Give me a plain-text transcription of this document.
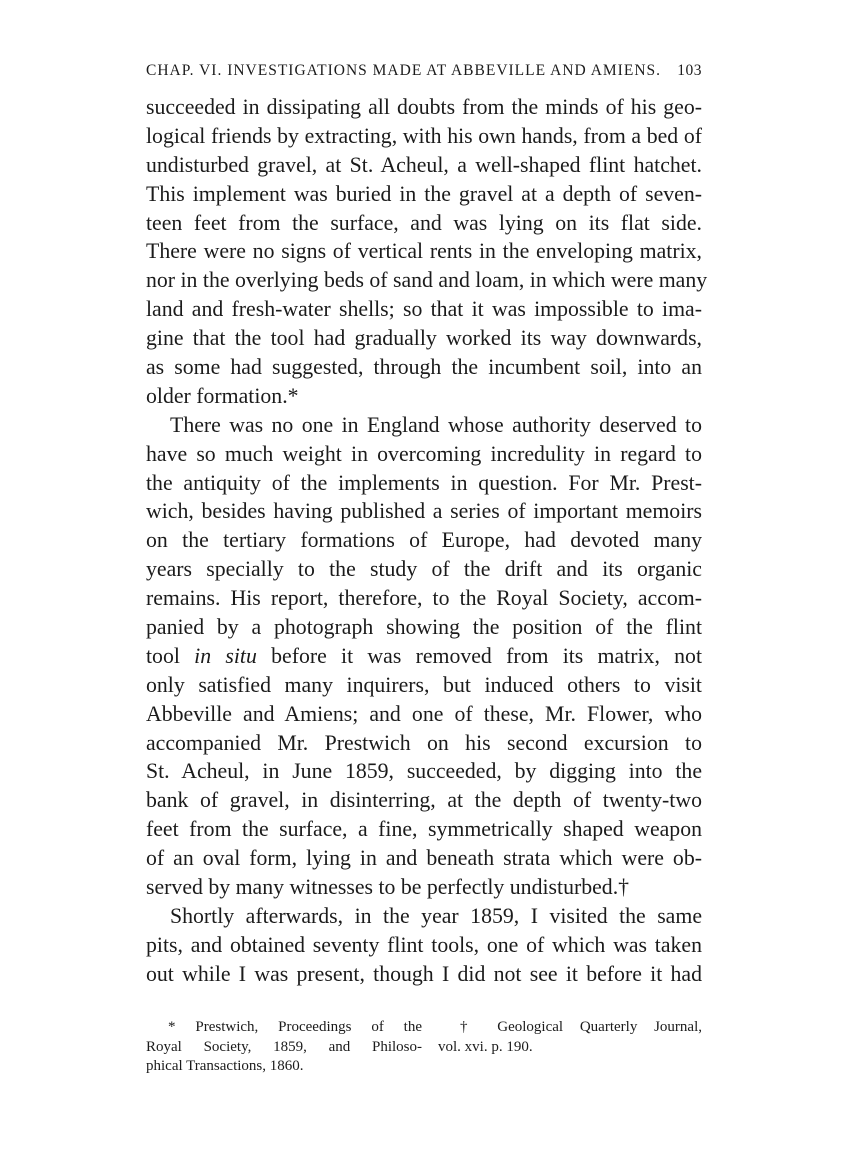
CHAP. VI. INVESTIGATIONS MADE AT ABBEVILLE AND AMIENS. 103
succeeded in dissipating all doubts from the minds of his geo-
logical friends by extracting, with his own hands, from a bed of
undisturbed gravel, at St. Acheul, a well-shaped flint hatchet.
This implement was buried in the gravel at a depth of seven-
teen feet from the surface, and was lying on its flat side.
There were no signs of vertical rents in the enveloping matrix,
nor in the overlying beds of sand and loam, in which were many
land and fresh-water shells; so that it was impossible to ima-
gine that the tool had gradually worked its way downwards,
as some had suggested, through the incumbent soil, into an
older formation.*
There was no one in England whose authority deserved to
have so much weight in overcoming incredulity in regard to
the antiquity of the implements in question. For Mr. Prest-
wich, besides having published a series of important memoirs
on the tertiary formations of Europe, had devoted many
years specially to the study of the drift and its organic
remains. His report, therefore, to the Royal Society, accom-
panied by a photograph showing the position of the flint
tool in situ before it was removed from its matrix, not
only satisfied many inquirers, but induced others to visit
Abbeville and Amiens; and one of these, Mr. Flower, who
accompanied Mr. Prestwich on his second excursion to
St. Acheul, in June 1859, succeeded, by digging into the
bank of gravel, in disinterring, at the depth of twenty-two
feet from the surface, a fine, symmetrically shaped weapon
of an oval form, lying in and beneath strata which were ob-
served by many witnesses to be perfectly undisturbed.†
Shortly afterwards, in the year 1859, I visited the same
pits, and obtained seventy flint tools, one of which was taken
out while I was present, though I did not see it before it had
* Prestwich, Proceedings of the
Royal Society, 1859, and Philoso-
phical Transactions, 1860.
† Geological Quarterly Journal,
vol. xvi. p. 190.
